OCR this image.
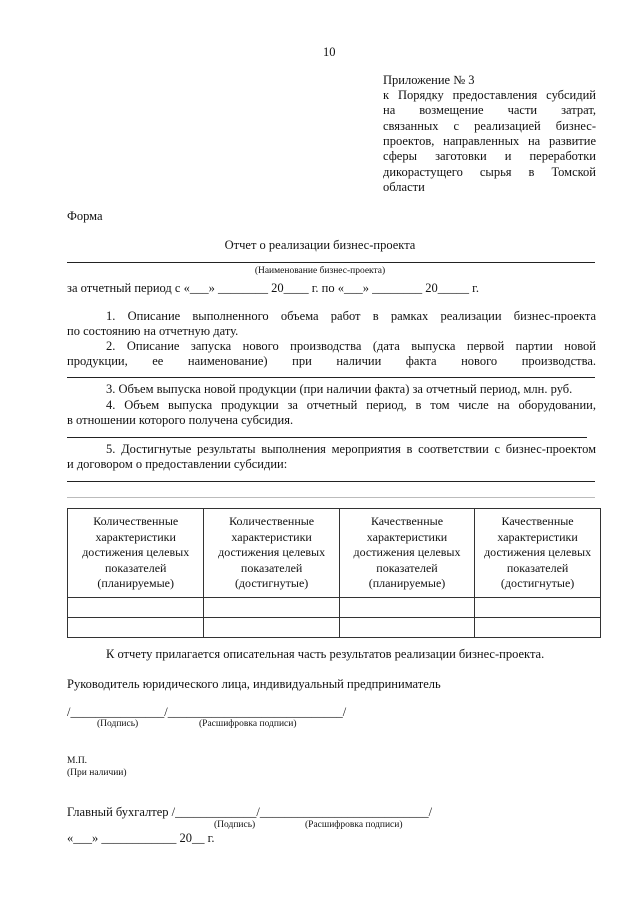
10
Приложение № 3
к Порядку предоставления субсидий
на возмещение части затрат,
связанных с реализацией бизнес-
проектов, направленных на развитие
сферы заготовки и переработки
дикорастущего сырья в Томской
области
Форма
Отчет о реализации бизнес-проекта
(Наименование бизнес-проекта)
за отчетный период с «___» ________ 20____ г. по «___» ________ 20_____ г.
1. Описание выполненного объема работ в рамках реализации бизнес-проекта
по состоянию на отчетную дату.
2. Описание запуска нового производства (дата выпуска первой партии новой
продукции, ее наименование) при наличии факта нового производства.
3. Объем выпуска новой продукции (при наличии факта) за отчетный период, млн. руб.
4. Объем выпуска продукции за отчетный период, в том числе на оборудовании,
в отношении которого получена субсидия.
5. Достигнутые результаты выполнения мероприятия в соответствии с бизнес-проектом
и договором о предоставлении субсидии:
Количественные характеристики достижения целевых показателей (планируемые)	Количественные характеристики достижения целевых показателей (достигнутые)	Качественные характеристики достижения целевых показателей (планируемые)	Качественные характеристики достижения целевых показателей (достигнутые)

К отчету прилагается описательная часть результатов реализации бизнес-проекта.
Руководитель юридического лица, индивидуальный предприниматель
/_______________/____________________________/
(Подпись)	(Расшифровка подписи)
М.П.
(При наличии)
Главный бухгалтер /_____________/___________________________/
(Подпись)	(Расшифровка подписи)
«___» ____________ 20__ г.
